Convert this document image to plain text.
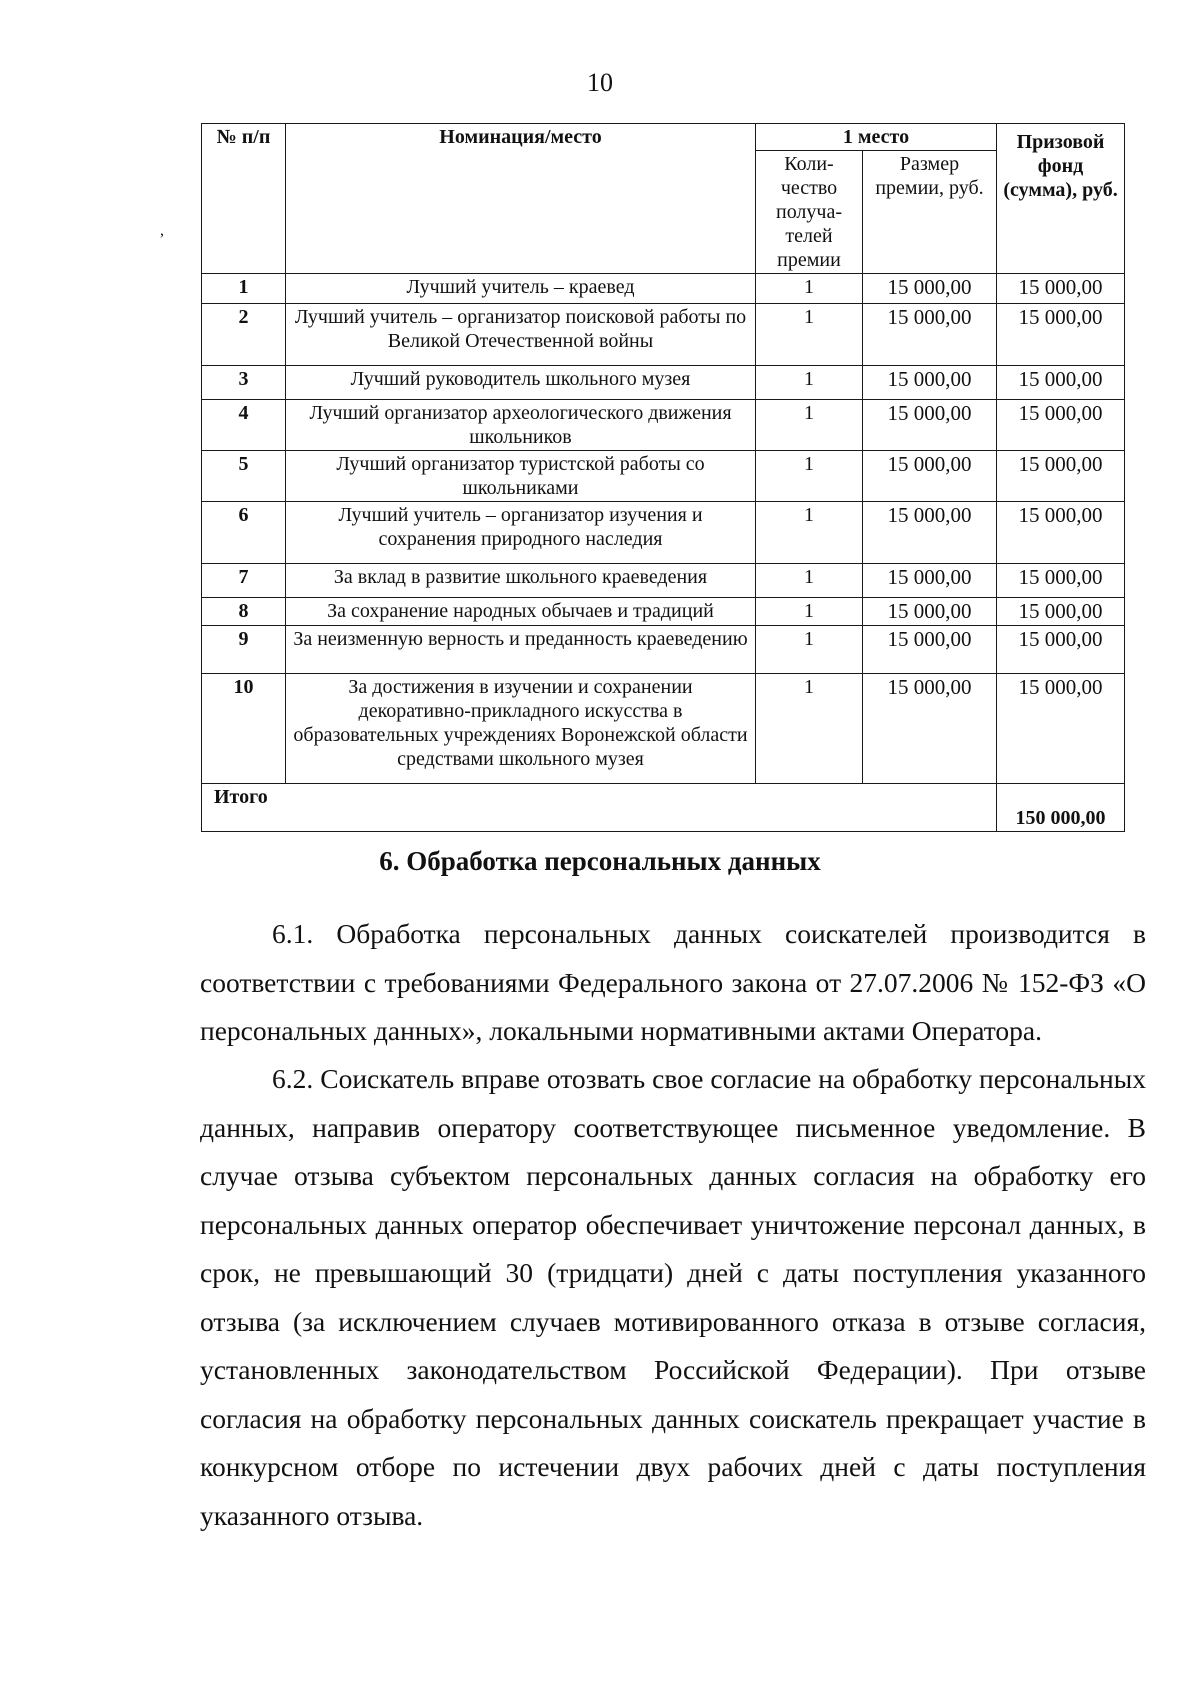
10
,
№ п/п	Номинация/место	1 место		Призовой фонд (сумма), руб.
		Коли-чество получа-телей премии	Размер премии, руб.	
1	Лучший учитель – краевед	1	15 000,00	15 000,00
2	Лучший учитель – организатор поисковой работы по Великой Отечественной войны	1	15 000,00	15 000,00
3	Лучший руководитель школьного музея	1	15 000,00	15 000,00
4	Лучший организатор археологического движения школьников	1	15 000,00	15 000,00
5	Лучший организатор туристской работы со школьниками	1	15 000,00	15 000,00
6	Лучший учитель – организатор изучения и сохранения природного наследия	1	15 000,00	15 000,00
7	За вклад в развитие школьного краеведения	1	15 000,00	15 000,00
8	За сохранение народных обычаев и традиций	1	15 000,00	15 000,00
9	За неизменную верность и преданность краеведению	1	15 000,00	15 000,00
10	За достижения в изучении и сохранении декоративно-прикладного искусства в образовательных учреждениях Воронежской области средствами школьного музея	1	15 000,00	15 000,00
Итого				150 000,00
6. Обработка персональных данных

6.1. Обработка персональных данных соискателей производится в соответствии с требованиями Федерального закона от 27.07.2006 № 152-ФЗ «О персональных данных», локальными нормативными актами Оператора.

6.2. Соискатель вправе отозвать свое согласие на обработку персональных данных, направив оператору соответствующее письменное уведомление. В случае отзыва субъектом персональных данных согласия на обработку его персональных данных оператор обеспечивает уничтожение персонал данных, в срок, не превышающий 30 (тридцати) дней с даты поступления указанного отзыва (за исключением случаев мотивированного отказа в отзыве согласия, установленных законодательством Российской Федерации). При отзыве согласия на обработку персональных данных соискатель прекращает участие в конкурсном отборе по истечении двух рабочих дней с даты поступления указанного отзыва.
